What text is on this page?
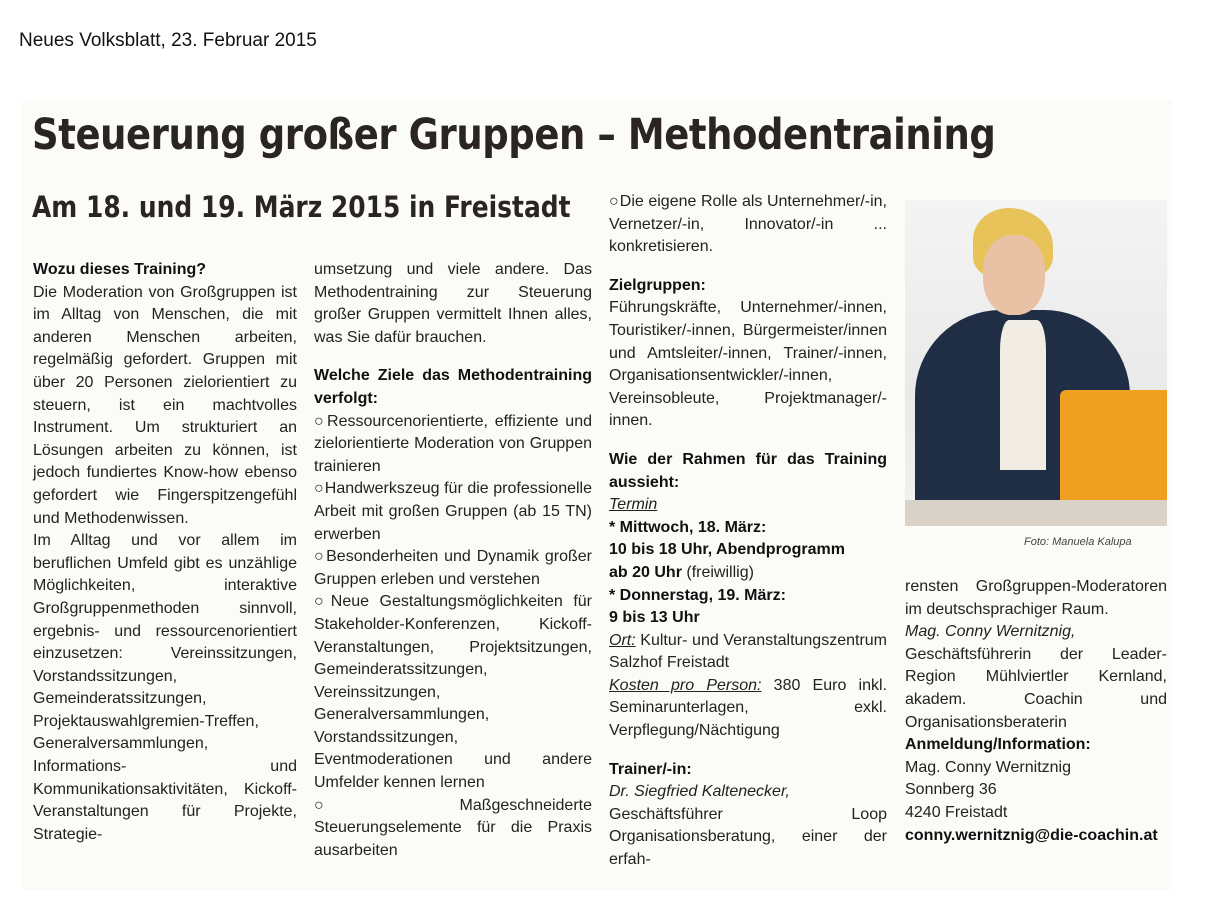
Neues Volksblatt, 23. Februar 2015
Steuerung großer Gruppen – Methodentraining
Am 18. und 19. März 2015 in Freistadt

Wozu dieses Training?

Die Moderation von Großgruppen ist im Alltag von Menschen, die mit anderen Menschen arbeiten, regelmäßig gefordert. Gruppen mit über 20 Personen zielorientiert zu steuern, ist ein machtvolles Instrument. Um strukturiert an Lösungen arbeiten zu können, ist jedoch fundiertes Know-how ebenso gefordert wie Fingerspitzengefühl und Methodenwissen.

Im Alltag und vor allem im beruflichen Umfeld gibt es unzählige Möglichkeiten, interaktive Großgruppenmethoden sinnvoll, ergebnis- und ressourcenorientiert einzusetzen: Vereinssitzungen, Vorstandssitzungen, Gemeinderatssitzungen, Projektauswahlgremien-Treffen, Generalversammlungen, Informations- und Kommunikationsaktivitäten, Kickoff-Veranstaltungen für Projekte, Strategie-

umsetzung und viele andere. Das Methodentraining zur Steuerung großer Gruppen vermittelt Ihnen alles, was Sie dafür brauchen.

Welche Ziele das Methodentraining verfolgt:

○ Ressourcenorientierte, effiziente und zielorientierte Moderation von Gruppen trainieren

○ Handwerkszeug für die professionelle Arbeit mit großen Gruppen (ab 15 TN) erwerben

○ Besonderheiten und Dynamik großer Gruppen erleben und verstehen

○ Neue Gestaltungsmöglichkeiten für Stakeholder-Konferenzen, Kickoff-Veranstaltungen, Projektsitzungen, Gemeinderatssitzungen, Vereinssitzungen, Generalversammlungen, Vorstandssitzungen, Eventmoderationen und andere Umfelder kennen lernen

○ Maßgeschneiderte Steuerungselemente für die Praxis ausarbeiten

○ Die eigene Rolle als Unternehmer/-in, Vernetzer/-in, Innovator/-in ... konkretisieren.

Zielgruppen:

Führungskräfte, Unternehmer/-innen, Touristiker/-innen, Bürgermeister/innen und Amtsleiter/-innen, Trainer/-innen, Organisationsentwickler/-innen, Vereinsobleute, Projektmanager/-innen.

Wie der Rahmen für das Training aussieht:

Termin

* Mittwoch, 18. März:

10 bis 18 Uhr, Abendprogramm

ab 20 Uhr (freiwillig)

* Donnerstag, 19. März:

9 bis 13 Uhr

Ort: Kultur- und Veranstaltungszentrum Salzhof Freistadt

Kosten pro Person: 380 Euro inkl. Seminarunterlagen, exkl. Verpflegung/Nächtigung

Trainer/-in:

Dr. Siegfried Kaltenecker,

Geschäftsführer Loop Organisationsberatung, einer der erfah-

Foto: Manuela Kalupa

rensten Großgruppen-Moderatoren im deutschsprachiger Raum.

Mag. Conny Wernitznig,

Geschäftsführerin der Leader-Region Mühlviertler Kernland, akadem. Coachin und Organisationsberaterin

Anmeldung/Information:

Mag. Conny Wernitznig

Sonnberg 36

4240 Freistadt

conny.wernitznig@die-coachin.at
